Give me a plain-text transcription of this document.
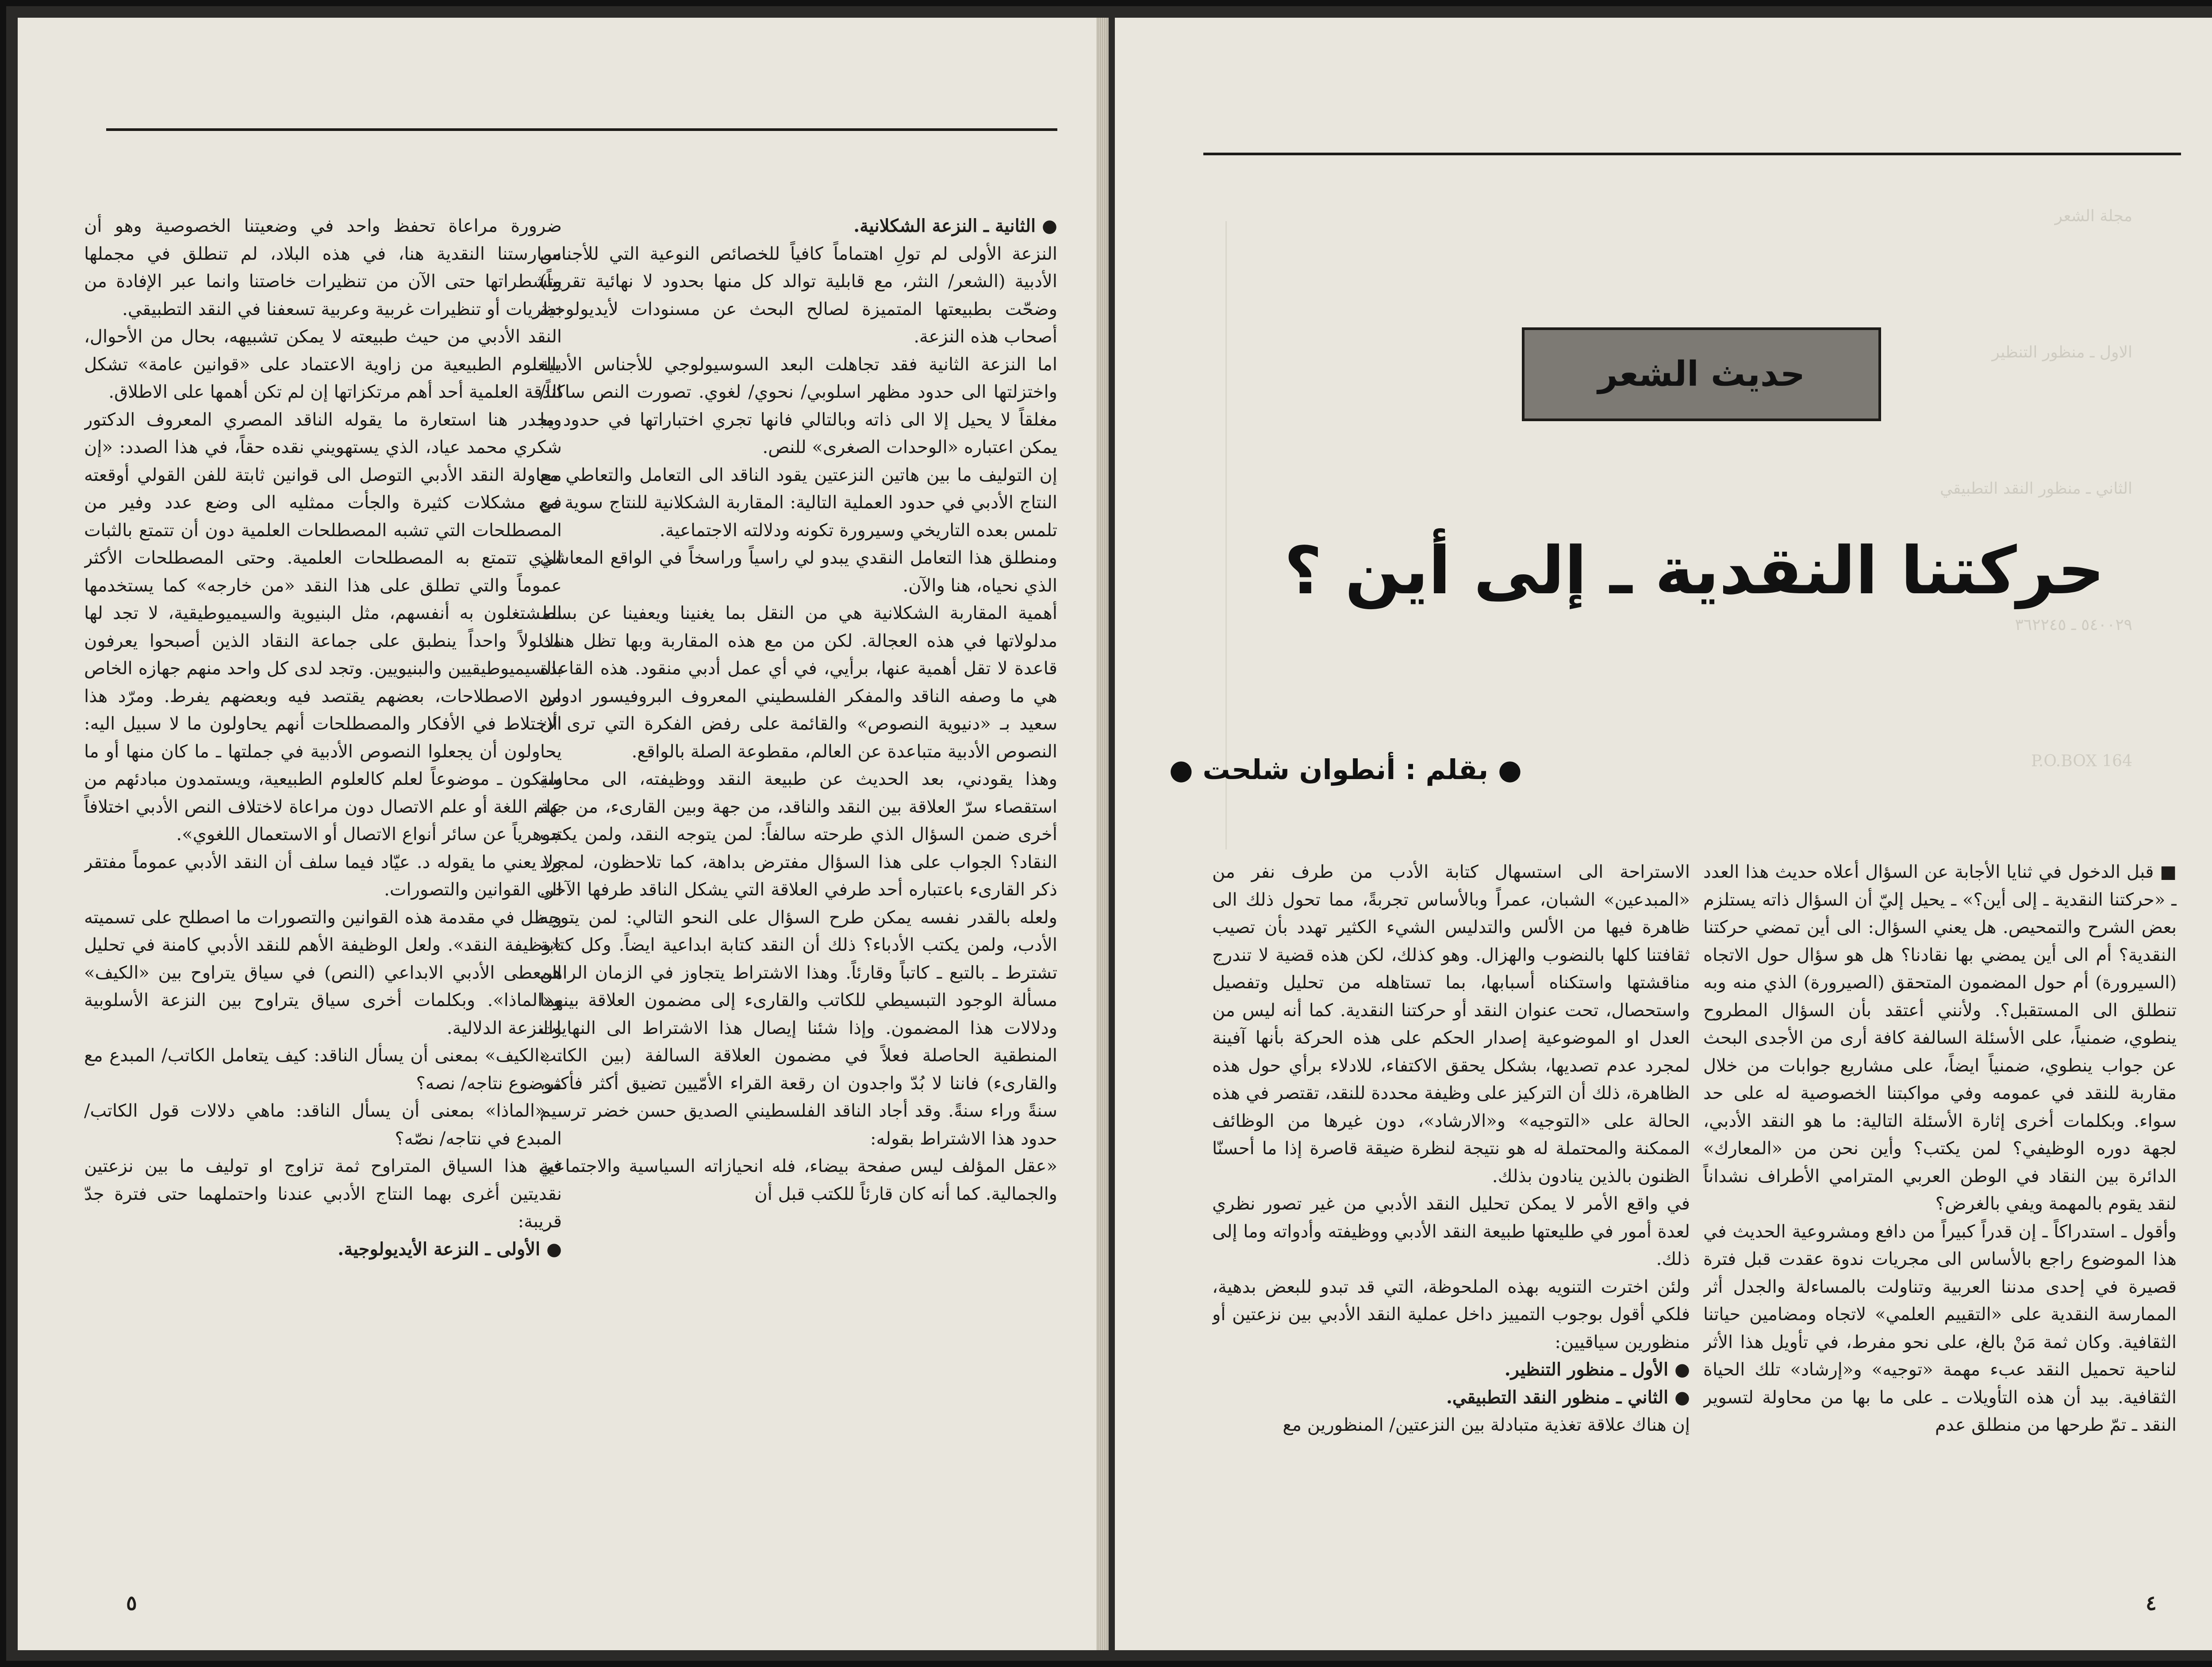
● الثانية ـ النزعة الشكلانية.

النزعة الأولى لم تولِ اهتماماً كافياً للخصائص النوعية التي للأجناس الأدبية (الشعر/ النثر، مع قابلية توالد كل منها بحدود لا نهائية تقريباً) وضحّت بطبيعتها المتميزة لصالح البحث عن مسنودات لأيديولوجية أصحاب هذه النزعة.

اما النزعة الثانية فقد تجاهلت البعد السوسيولوجي للأجناس الأدبية واختزلتها الى حدود مظهر اسلوبي/ نحوي/ لغوي. تصورت النص ساكناً/ مغلقاً لا يحيل إلا الى ذاته وبالتالي فانها تجري اختباراتها في حدود ما يمكن اعتباره «الوحدات الصغرى» للنص.

إن التوليف ما بين هاتين النزعتين يقود الناقد الى التعامل والتعاطي مع النتاج الأدبي في حدود العملية التالية: المقاربة الشكلانية للنتاج سوية مع تلمس بعده التاريخي وسيرورة تكونه ودلالته الاجتماعية.

ومنطلق هذا التعامل النقدي يبدو لي راسياً وراسخاً في الواقع المعاشي الذي نحياه، هنا والآن.

أهمية المقاربة الشكلانية هي من النقل بما يغنينا ويعفينا عن بسط مدلولاتها في هذه العجالة. لكن من مع هذه المقاربة وبها تظل هناك قاعدة لا تقل أهمية عنها، برأيي، في أي عمل أدبي منقود. هذه القاعدة هي ما وصفه الناقد والمفكر الفلسطيني المعروف البروفيسور ادوارد سعيد بـ «دنيوية النصوص» والقائمة على رفض الفكرة التي ترى أن النصوص الأدبية متباعدة عن العالم، مقطوعة الصلة بالواقع.

وهذا يقودني، بعد الحديث عن طبيعة النقد ووظيفته، الى محاولة استقصاء سرّ العلاقة بين النقد والناقد، من جهة وبين القارىء، من جهة أخرى ضمن السؤال الذي طرحته سالفاً: لمن يتوجه النقد، ولمن يكتب النقاد؟ الجواب على هذا السؤال مفترض بداهة، كما تلاحظون، لمجرد ذكر القارىء باعتباره أحد طرفي العلاقة التي يشكل الناقد طرفها الآخر. ولعله بالقدر نفسه يمكن طرح السؤال على النحو التالي: لمن يتوجه الأدب، ولمن يكتب الأدباء؟ ذلك أن النقد كتابة ابداعية ايضاً. وكل كتابة تشترط ـ بالتبع ـ كاتباً وقارئاً. وهذا الاشتراط يتجاوز في الزمان الراهن مسألة الوجود التبسيطي للكاتب والقارىء إلى مضمون العلاقة بينهما ودلالات هذا المضمون. وإذا شئنا إيصال هذا الاشتراط الى النهايات المنطقية الحاصلة فعلاً في مضمون العلاقة السالفة (بين الكاتب والقارىء) فاننا لا بُدّ واجدون ان رقعة القراء الأمّيين تضيق أكثر فأكثر، سنةً وراء سنةً. وقد أجاد الناقد الفلسطيني الصديق حسن خضر ترسيم حدود هذا الاشتراط بقوله:

«عقل المؤلف ليس صفحة بيضاء، فله انحيازاته السياسية والاجتماعية والجمالية. كما أنه كان قارئاً للكتب قبل أن

ضرورة مراعاة تحفظ واحد في وضعيتنا الخصوصية وهو أن ممارستنا النقدية هنا، في هذه البلاد، لم تنطلق في مجملها وتشطراتها حتى الآن من تنظيرات خاصتنا وانما عبر الإفادة من نظريات أو تنظيرات غربية وعربية تسعفنا في النقد التطبيقي.

النقد الأدبي من حيث طبيعته لا يمكن تشبيهه، بحال من الأحوال، بالعلوم الطبيعية من زاوية الاعتماد على «قوانين عامة» تشكل الدقة العلمية أحد أهم مرتكزاتها إن لم تكن أهمها على الاطلاق.

ويجدر هنا استعارة ما يقوله الناقد المصري المعروف الدكتور شكري محمد عياد، الذي يستهويني نقده حقاً، في هذا الصدد: «إن محاولة النقد الأدبي التوصل الى قوانين ثابتة للفن القولي أوقعته في مشكلات كثيرة والجأت ممثليه الى وضع عدد وفير من المصطلحات التي تشبه المصطلحات العلمية دون أن تتمتع بالثبات الذي تتمتع به المصطلحات العلمية. وحتى المصطلحات الأكثر عموماً والتي تطلق على هذا النقد «من خارجه» كما يستخدمها المشتغلون به أنفسهم، مثل البنيوية والسيميوطيقية، لا تجد لها مدلولاً واحداً ينطبق على جماعة النقاد الذين أصبحوا يعرفون بالسيميوطيقيين والبنيويين. وتجد لدى كل واحد منهم جهازه الخاص من الاصطلاحات، بعضهم يقتصد فيه وبعضهم يفرط. ومرّد هذا الاختلاط في الأفكار والمصطلحات أنهم يحاولون ما لا سبيل اليه: يحاولون أن يجعلوا النصوص الأدبية في جملتها ـ ما كان منها أو ما سيكون ـ موضوعاً لعلم كالعلوم الطبيعية، ويستمدون مبادئهم من علم اللغة أو علم الاتصال دون مراعاة لاختلاف النص الأدبي اختلافاً جوهرياً عن سائر أنواع الاتصال أو الاستعمال اللغوي».

ولا يعني ما يقوله د. عيّاد فيما سلف أن النقد الأدبي عموماً مفتقر الى القوانين والتصورات.

ويظل في مقدمة هذه القوانين والتصورات ما اصطلح على تسميته «وظيفة النقد». ولعل الوظيفة الأهم للنقد الأدبي كامنة في تحليل المعطى الأدبي الابداعي (النص) في سياق يتراوح بين «الكيف» و«الماذا». وبكلمات أخرى سياق يتراوح بين النزعة الأسلوبية والنزعة الدلالية.

ـ «الكيف» بمعنى أن يسأل الناقد: كيف يتعامل الكاتب/ المبدع مع موضوع نتاجه/ نصه؟

ـ «الماذا» بمعنى أن يسأل الناقد: ماهي دلالات قول الكاتب/ المبدع في نتاجه/ نصّه؟

في هذا السياق المتراوح ثمة تزاوج او توليف ما بين نزعتين نقديتين أغرى بهما النتاج الأدبي عندنا واحتملهما حتى فترة جدّ قريبة:

● الأولى ـ النزعة الأيديولوجية.

٥
مجلة الشعر
الاول ـ منظور التنظير
الثاني ـ منظور النقد التطبيقي
٥٤٠٠٢٩ ـ ٣٦٢٢٤٥
P.O.BOX 164
حديث الشعر
حركتنا النقدية ـ إلى أين ؟
● بقلم : أنطوان شلحت ●

■ قبل الدخول في ثنايا الأجابة عن السؤال أعلاه حديث هذا العدد ـ «حركتنا النقدية ـ إلى أين؟» ـ يحيل إليّ أن السؤال ذاته يستلزم بعض الشرح والتمحيص. هل يعني السؤال: الى أين تمضي حركتنا النقدية؟ أم الى أين يمضي بها نقادنا؟ هل هو سؤال حول الاتجاه (السيرورة) أم حول المضمون المتحقق (الصيرورة) الذي منه وبه تنطلق الى المستقبل؟. ولأنني أعتقد بأن السؤال المطروح ينطوي، ضمنياً، على الأسئلة السالفة كافة أرى من الأجدى البحث عن جواب ينطوي، ضمنياً ايضاً، على مشاريع جوابات من خلال مقاربة للنقد في عمومه وفي مواكبتنا الخصوصية له على حد سواء. وبكلمات أخرى إثارة الأسئلة التالية: ما هو النقد الأدبي، لجهة دوره الوظيفي؟ لمن يكتب؟ وأين نحن من «المعارك» الدائرة بين النقاد في الوطن العربي المترامي الأطراف نشداناً لنقد يقوم بالمهمة ويفي بالغرض؟

وأقول ـ استدراكاً ـ إن قدراً كبيراً من دافع ومشروعية الحديث في هذا الموضوع راجع بالأساس الى مجريات ندوة عقدت قبل فترة قصيرة في إحدى مدننا العربية وتناولت بالمساءلة والجدل أثر الممارسة النقدية على «التقييم العلمي» لاتجاه ومضامين حياتنا الثقافية. وكان ثمة مَنْ بالغ، على نحو مفرط، في تأويل هذا الأثر لناحية تحميل النقد عبء مهمة «توجيه» و«إرشاد» تلك الحياة الثقافية. بيد أن هذه التأويلات ـ على ما بها من محاولة لتسوير النقد ـ تمّ طرحها من منطلق عدم

الاستراحة الى استسهال كتابة الأدب من طرف نفر من «المبدعين» الشبان، عمراً وبالأساس تجربةً، مما تحول ذلك الى ظاهرة فيها من الألس والتدليس الشيء الكثير تهدد بأن تصيب ثقافتنا كلها بالنضوب والهزال. وهو كذلك، لكن هذه قضية لا تندرج مناقشتها واستكناه أسبابها، بما تستاهله من تحليل وتفصيل واستحصال، تحت عنوان النقد أو حركتنا النقدية. كما أنه ليس من العدل او الموضوعية إصدار الحكم على هذه الحركة بأنها آفينة لمجرد عدم تصديها، بشكل يحقق الاكتفاء، للادلاء برأي حول هذه الظاهرة، ذلك أن التركيز على وظيفة محددة للنقد، تقتصر في هذه الحالة على «التوجيه» و«الارشاد»، دون غيرها من الوظائف الممكنة والمحتملة له هو نتيجة لنظرة ضيقة قاصرة إذا ما أحسنّا الظنون بالذين ينادون بذلك.

في واقع الأمر لا يمكن تحليل النقد الأدبي من غير تصور نظري لعدة أمور في طليعتها طبيعة النقد الأدبي ووظيفته وأدواته وما إلى ذلك.

ولئن اخترت التنويه بهذه الملحوظة، التي قد تبدو للبعض بدهية، فلكي أقول بوجوب التمييز داخل عملية النقد الأدبي بين نزعتين أو منظورين سياقيين:

● الأول ـ منظور التنظير.

● الثاني ـ منظور النقد التطبيقي.

إن هناك علاقة تغذية متبادلة بين النزعتين/ المنظورين مع

٤
